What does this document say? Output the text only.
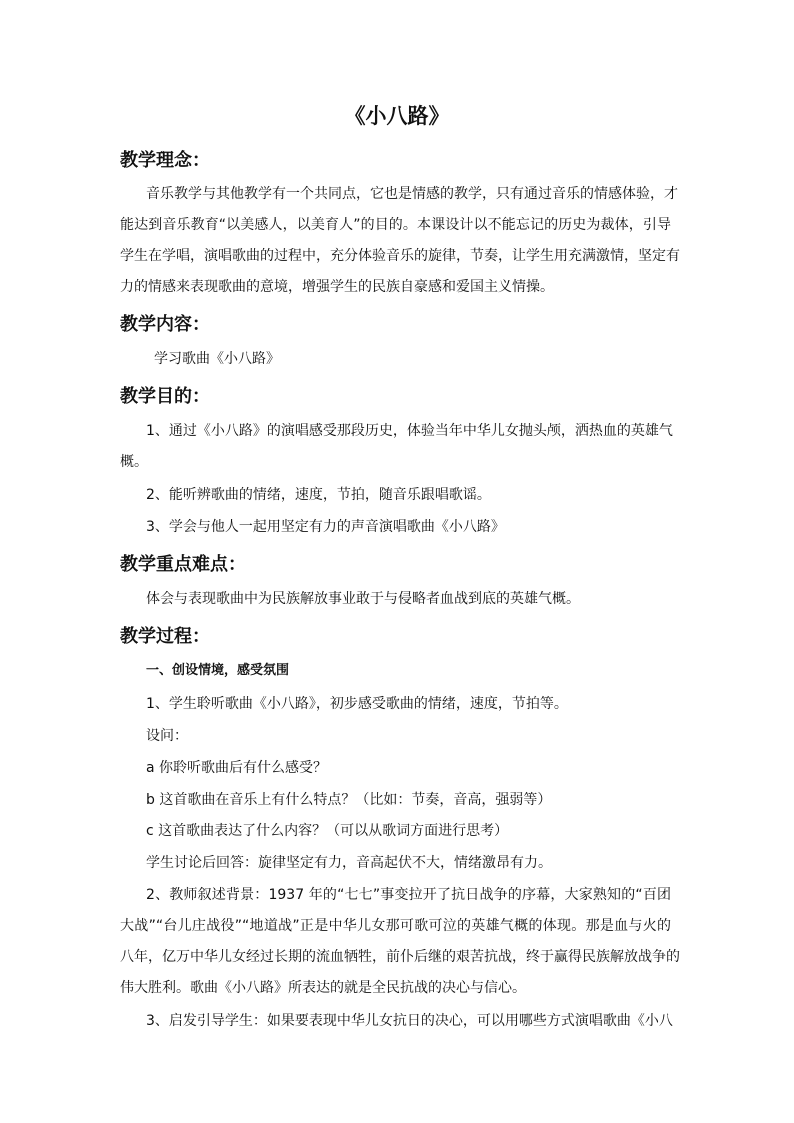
《小八路》
教学理念：
音乐教学与其他教学有一个共同点，它也是情感的教学，只有通过音乐的情感体验，才
能达到音乐教育“以美感人，以美育人”的目的。本课设计以不能忘记的历史为裁体，引导
学生在学唱，演唱歌曲的过程中，充分体验音乐的旋律，节奏，让学生用充满激情，坚定有
力的情感来表现歌曲的意境，增强学生的民族自豪感和爱国主义情操。
教学内容：
学习歌曲《小八路》
教学目的：
1、通过《小八路》的演唱感受那段历史，体验当年中华儿女抛头颅，洒热血的英雄气
概。
2、能听辨歌曲的情绪，速度，节拍，随音乐跟唱歌谣。
3、学会与他人一起用坚定有力的声音演唱歌曲《小八路》
教学重点难点：
体会与表现歌曲中为民族解放事业敢于与侵略者血战到底的英雄气概。
教学过程：
一、创设情境，感受氛围
1、学生聆听歌曲《小八路》，初步感受歌曲的情绪，速度，节拍等。
设问：
a 你聆听歌曲后有什么感受？
b 这首歌曲在音乐上有什么特点？（比如：节奏，音高，强弱等）
c 这首歌曲表达了什么内容？（可以从歌词方面进行思考）
学生讨论后回答：旋律坚定有力，音高起伏不大，情绪激昂有力。
2、教师叙述背景：1937 年的“七七”事变拉开了抗日战争的序幕，大家熟知的“百团
大战”“台儿庄战役”“地道战”正是中华儿女那可歌可泣的英雄气概的体现。那是血与火的
八年，亿万中华儿女经过长期的流血牺牲，前仆后继的艰苦抗战，终于赢得民族解放战争的
伟大胜利。歌曲《小八路》所表达的就是全民抗战的决心与信心。
3、启发引导学生：如果要表现中华儿女抗日的决心，可以用哪些方式演唱歌曲《小八
